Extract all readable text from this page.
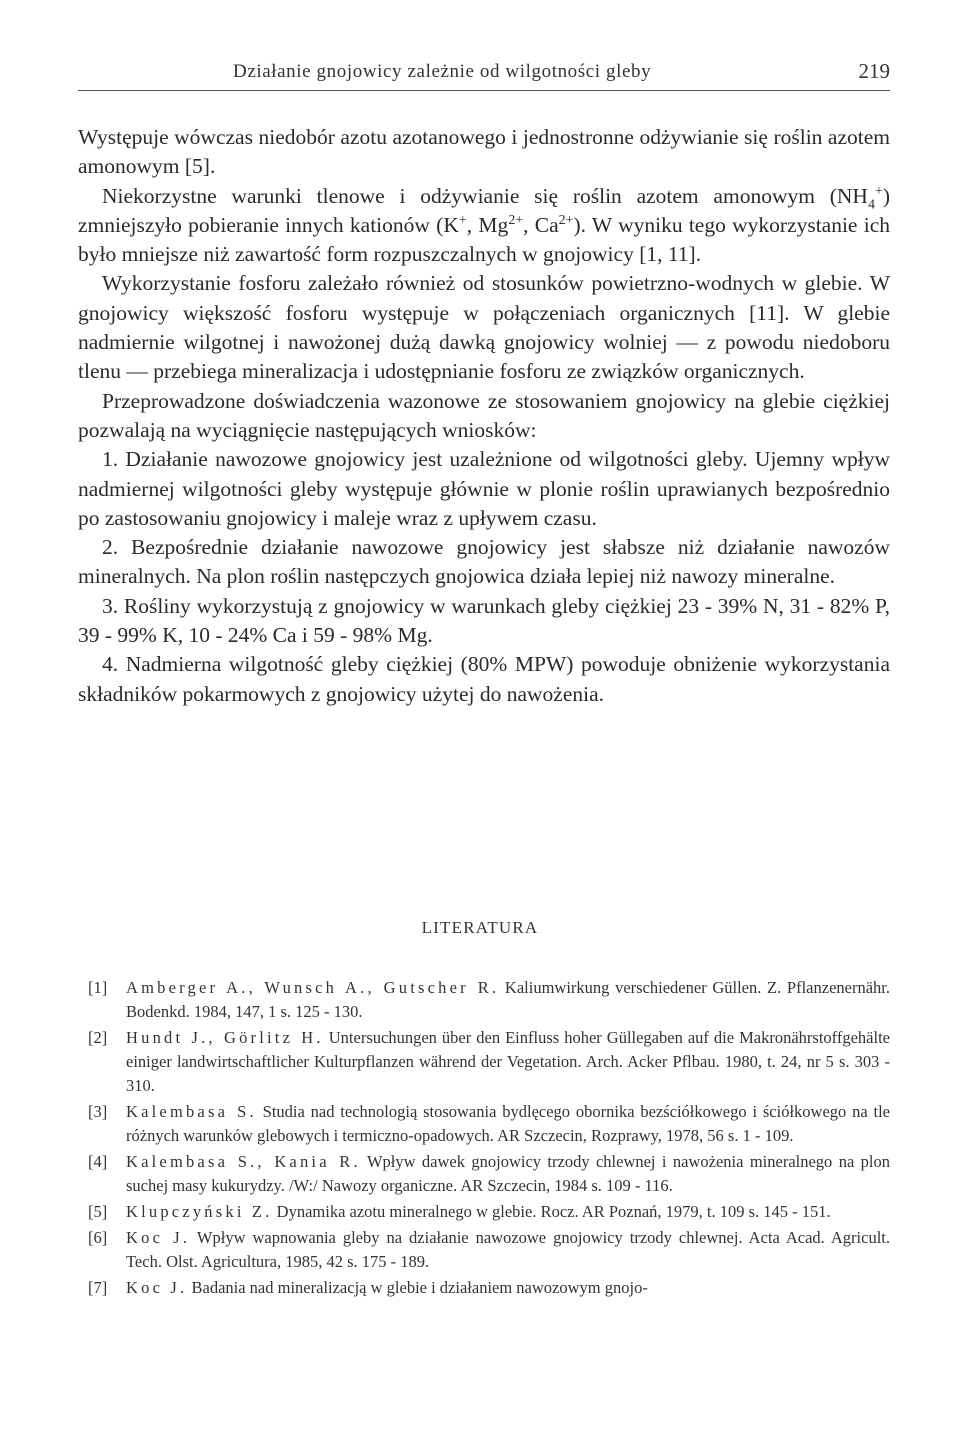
Działanie gnojowicy zależnie od wilgotności gleby	219

Występuje wówczas niedobór azotu azotanowego i jednostronne odżywianie się roślin azotem amonowym [5].

Niekorzystne warunki tlenowe i odżywianie się roślin azotem amonowym $(NH_4^+)$ zmniejszyło pobieranie innych kationów (K+, $Mg^{2+}$, $Ca^{2+}$). W wyniku tego wykorzystanie ich było mniejsze niż zawartość form rozpuszczalnych w gnojowicy [1, 11].

Wykorzystanie fosforu zależało również od stosunków powietrzno-wodnych w glebie. W gnojowicy większość fosforu występuje w połączeniach organicznych [11]. W glebie nadmiernie wilgotnej i nawożonej dużą dawką gnojowicy wolniej — z powodu niedoboru tlenu — przebiega mineralizacja i udostępnianie fosforu ze związków organicznych.

Przeprowadzone doświadczenia wazonowe ze stosowaniem gnojowicy na glebie ciężkiej pozwalają na wyciągnięcie następujących wniosków:

1. Działanie nawozowe gnojowicy jest uzależnione od wilgotności gleby. Ujemny wpływ nadmiernej wilgotności gleby występuje głównie w plonie roślin uprawianych bezpośrednio po zastosowaniu gnojowicy i maleje wraz z upływem czasu.

2. Bezpośrednie działanie nawozowe gnojowicy jest słabsze niż działanie nawozów mineralnych. Na plon roślin następczych gnojowica działa lepiej niż nawozy mineralne.

3. Rośliny wykorzystują z gnojowicy w warunkach gleby ciężkiej 23 - 39% N, 31 - 82% P, 39 - 99% K, 10 - 24% Ca i 59 - 98% Mg.

4. Nadmierna wilgotność gleby ciężkiej (80% MPW) powoduje obniżenie wykorzystania składników pokarmowych z gnojowicy użytej do nawożenia.

LITERATURA
[1] Amberger A., Wunsch A., Gutscher R. Kaliumwirkung verschiedener Güllen. Z. Pflanzenernähr. Bodenkd. 1984, 147, 1 s. 125 - 130.
[2] Hundt J., Görlitz H. Untersuchungen über den Einfluss hoher Güllegaben auf die Makronährstoffgehälte einiger landwirtschaftlicher Kulturpflanzen während der Vegetation. Arch. Acker Pflbau. 1980, t. 24, nr 5 s. 303 - 310.
[3] Kalembasa S. Studia nad technologią stosowania bydlęcego obornika bezściółkowego i ściółkowego na tle różnych warunków glebowych i termiczno-opadowych. AR Szczecin, Rozprawy, 1978, 56 s. 1 - 109.
[4] Kalembasa S., Kania R. Wpływ dawek gnojowicy trzody chlewnej i nawożenia mineralnego na plon suchej masy kukurydzy. /W:/ Nawozy organiczne. AR Szczecin, 1984 s. 109 - 116.
[5] Klupczyński Z. Dynamika azotu mineralnego w glebie. Rocz. AR Poznań, 1979, t. 109 s. 145 - 151.
[6] Koc J. Wpływ wapnowania gleby na działanie nawozowe gnojowicy trzody chlewnej. Acta Acad. Agricult. Tech. Olst. Agricultura, 1985, 42 s. 175 - 189.
[7] Koc J. Badania nad mineralizacją w glebie i działaniem nawozowym gnojo-
